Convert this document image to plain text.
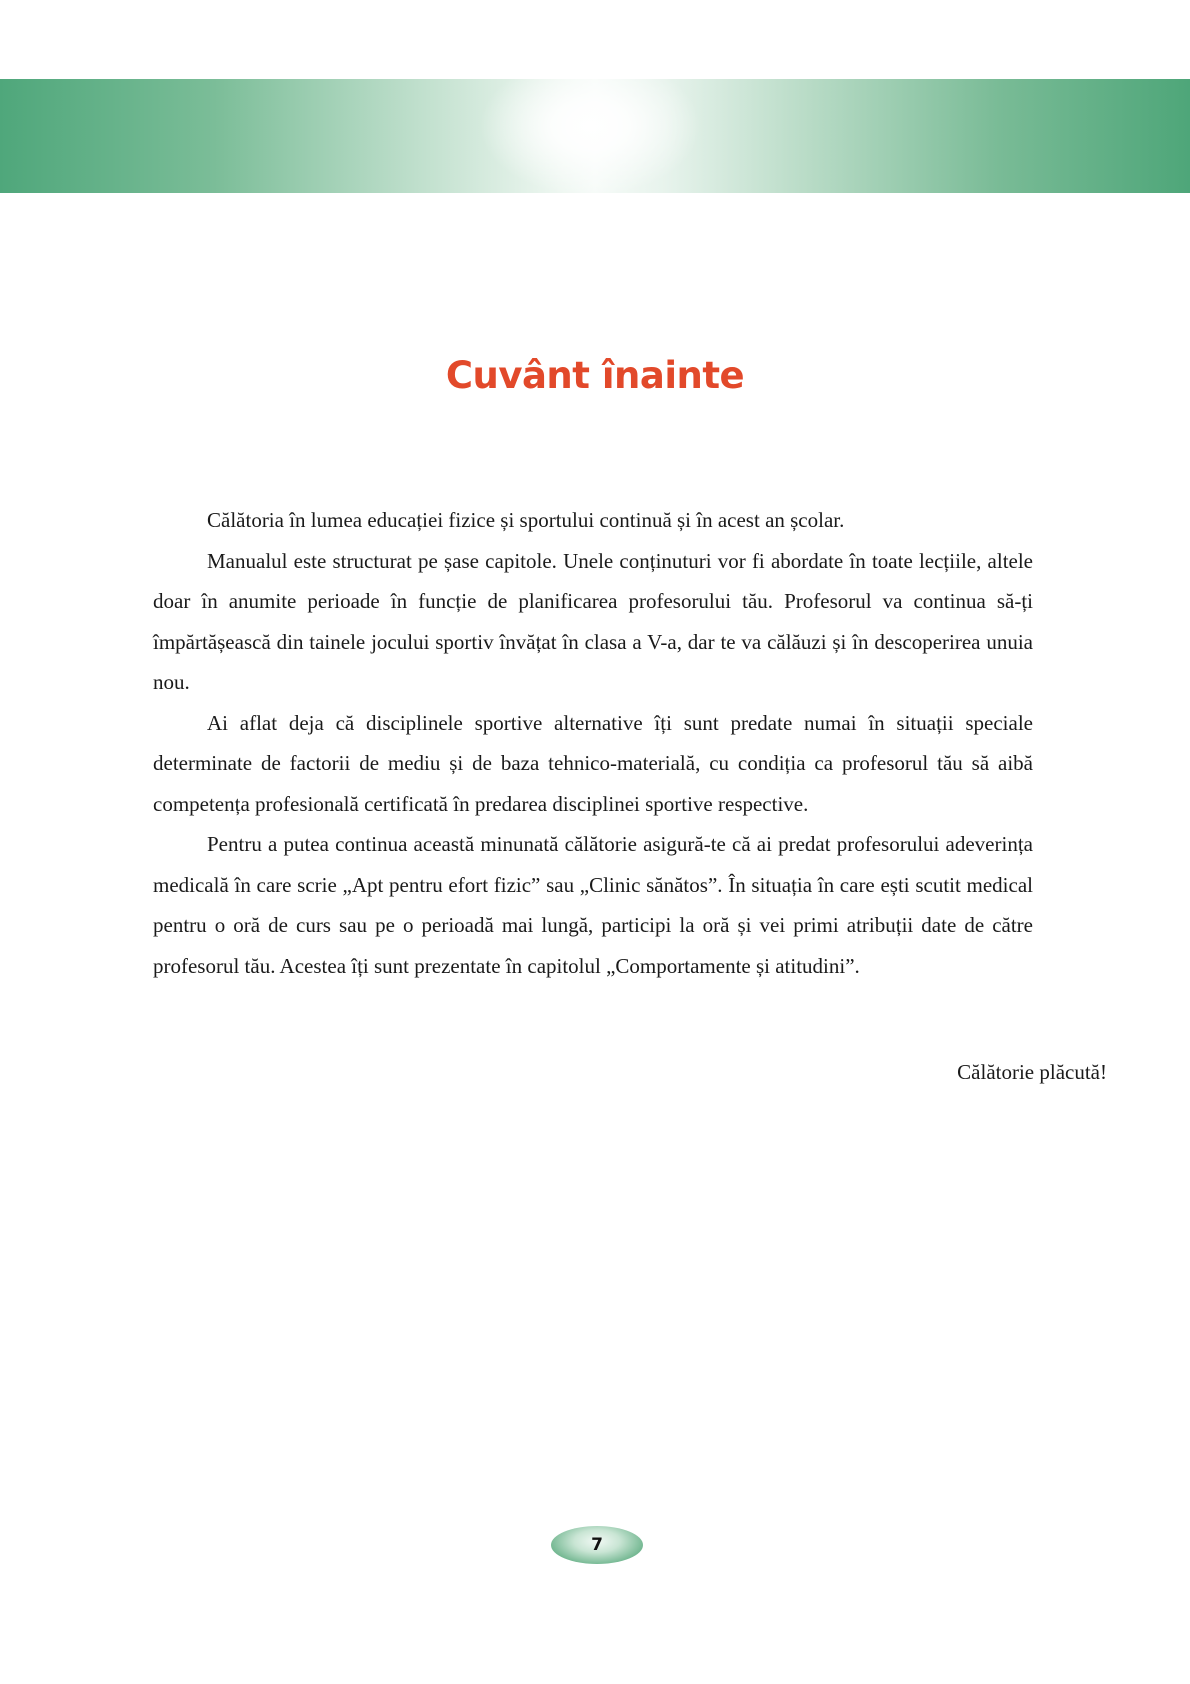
Cuvânt înainte

Călătoria în lumea educației fizice și sportului continuă și în acest an școlar.

Manualul este structurat pe șase capitole. Unele conținuturi vor fi abordate în toate lecțiile, altele doar în anumite perioade în funcție de planificarea profesorului tău. Profesorul va continua să-ți împărtășească din tainele jocului sportiv învățat în clasa a V-a, dar te va călăuzi și în descoperirea unuia nou.

Ai aflat deja că disciplinele sportive alternative îți sunt predate numai în situații speciale determinate de factorii de mediu și de baza tehnico-materială, cu condiția ca profesorul tău să aibă competența profesională certificată în predarea disciplinei sportive respective.

Pentru a putea continua această minunată călătorie asigură-te că ai predat profesorului adeverința medicală în care scrie „Apt pentru efort fizic” sau „Clinic sănătos”. În situația în care ești scutit medical pentru o oră de curs sau pe o perioadă mai lungă, participi la oră și vei primi atribuții date de către profesorul tău. Acestea îți sunt prezentate în capitolul „Comportamente și atitudini”.

Călătorie plăcută!
7
